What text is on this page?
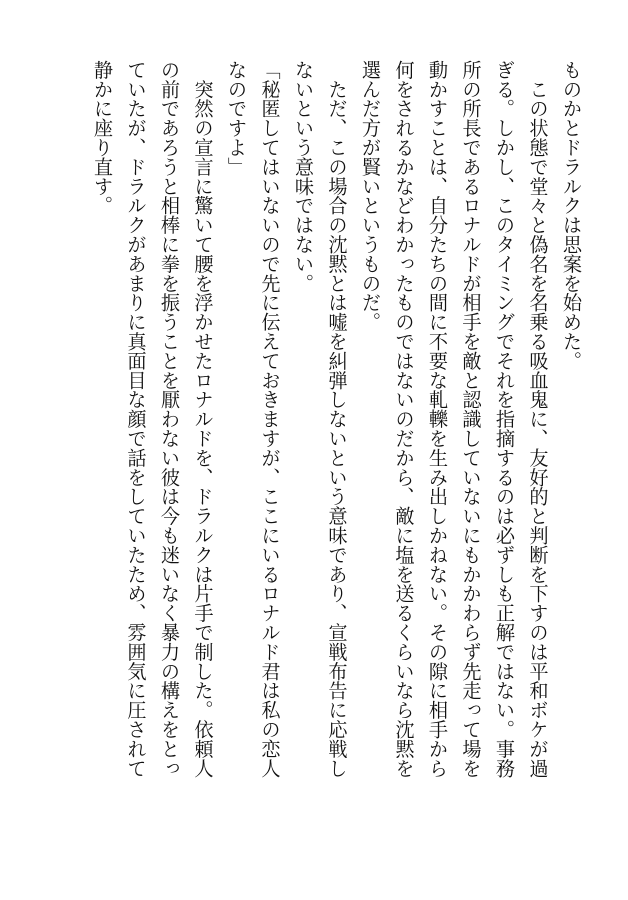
ものかとドラルクは思案を始めた。
　この状態で堂々と偽名を名乗る吸血鬼に、友好的と判断を下すのは平和ボケが過
ぎる。しかし、このタイミングでそれを指摘するのは必ずしも正解ではない。事務
所の所長であるロナルドが相手を敵と認識していないにもかかわらず先走って場を
動かすことは、自分たちの間に不要な軋轢を生み出しかねない。その隙に相手から
何をされるかなどわかったものではないのだから、敵に塩を送るくらいなら沈黙を
選んだ方が賢いというものだ。
　ただ、この場合の沈黙とは嘘を糾弾しないという意味であり、宣戦布告に応戦し
ないという意味ではない。
「秘匿してはいないので先に伝えておきますが、ここにいるロナルド君は私の恋人
なのですよ」
　突然の宣言に驚いて腰を浮かせたロナルドを、ドラルクは片手で制した。依頼人
の前であろうと相棒に拳を振うことを厭わない彼は今も迷いなく暴力の構えをとっ
ていたが、ドラルクがあまりに真面目な顔で話をしていたため、雰囲気に圧されて
静かに座り直す。
